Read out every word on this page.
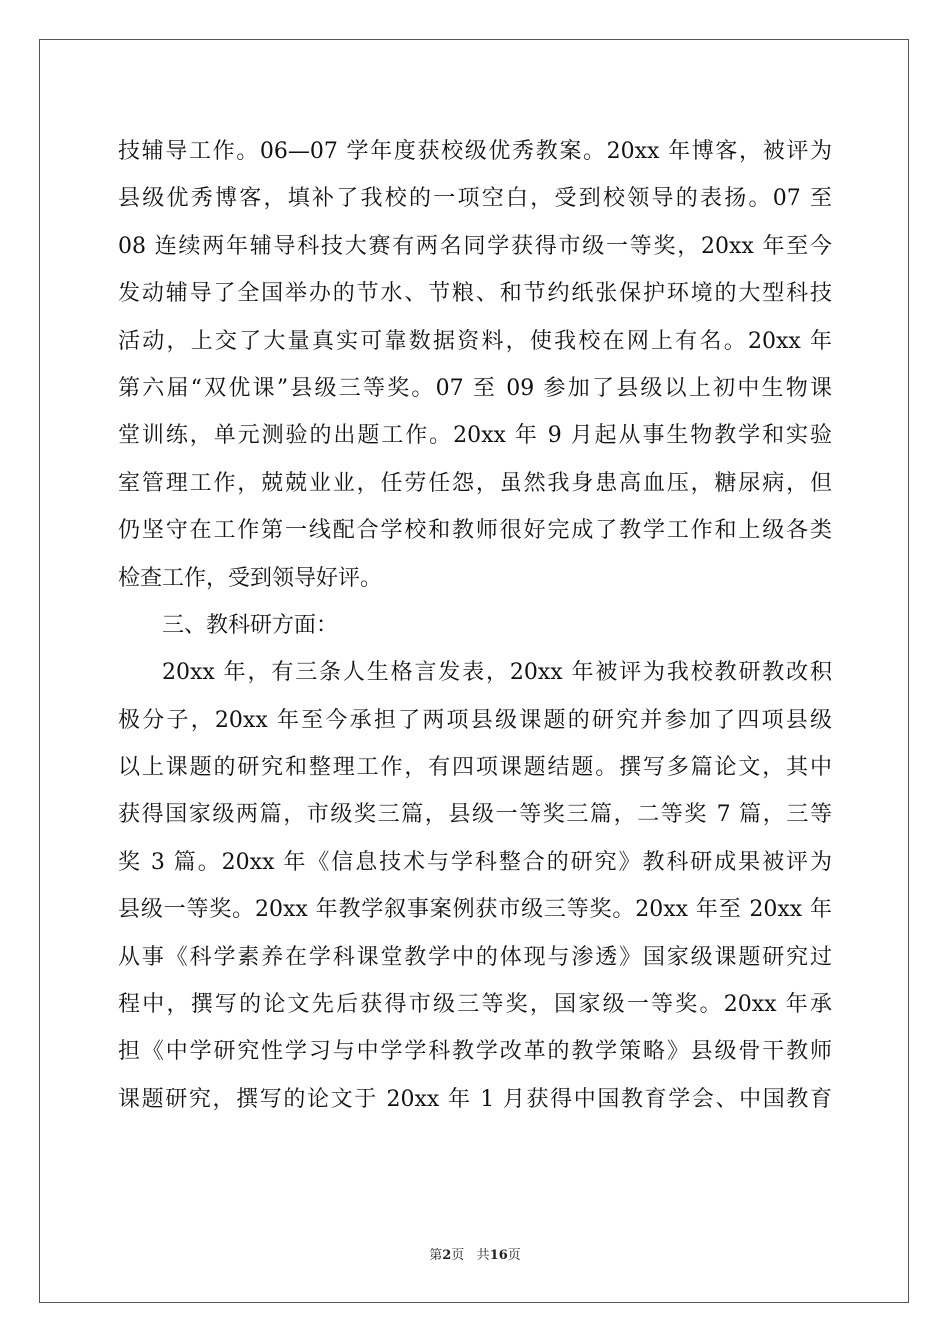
技辅导工作。06—07 学年度获校级优秀教案。20xx 年博客，被评为
县级优秀博客，填补了我校的一项空白，受到校领导的表扬。07 至
08 连续两年辅导科技大赛有两名同学获得市级一等奖，20xx 年至今
发动辅导了全国举办的节水、节粮、和节约纸张保护环境的大型科技
活动，上交了大量真实可靠数据资料，使我校在网上有名。20xx 年
第六届“双优课”县级三等奖。07 至 09 参加了县级以上初中生物课
堂训练，单元测验的出题工作。20xx 年 9 月起从事生物教学和实验
室管理工作，兢兢业业，任劳任怨，虽然我身患高血压，糖尿病，但
仍坚守在工作第一线配合学校和教师很好完成了教学工作和上级各类
检查工作，受到领导好评。
三、教科研方面：
20xx 年，有三条人生格言发表，20xx 年被评为我校教研教改积
极分子，20xx 年至今承担了两项县级课题的研究并参加了四项县级
以上课题的研究和整理工作，有四项课题结题。撰写多篇论文，其中
获得国家级两篇，市级奖三篇，县级一等奖三篇，二等奖 7 篇，三等
奖 3 篇。20xx 年《信息技术与学科整合的研究》教科研成果被评为
县级一等奖。20xx 年教学叙事案例获市级三等奖。20xx 年至 20xx 年
从事《科学素养在学科课堂教学中的体现与渗透》国家级课题研究过
程中，撰写的论文先后获得市级三等奖，国家级一等奖。20xx 年承
担《中学研究性学习与中学学科教学改革的教学策略》县级骨干教师
课题研究，撰写的论文于 20xx 年 1 月获得中国教育学会、中国教育
第2页 共16页
